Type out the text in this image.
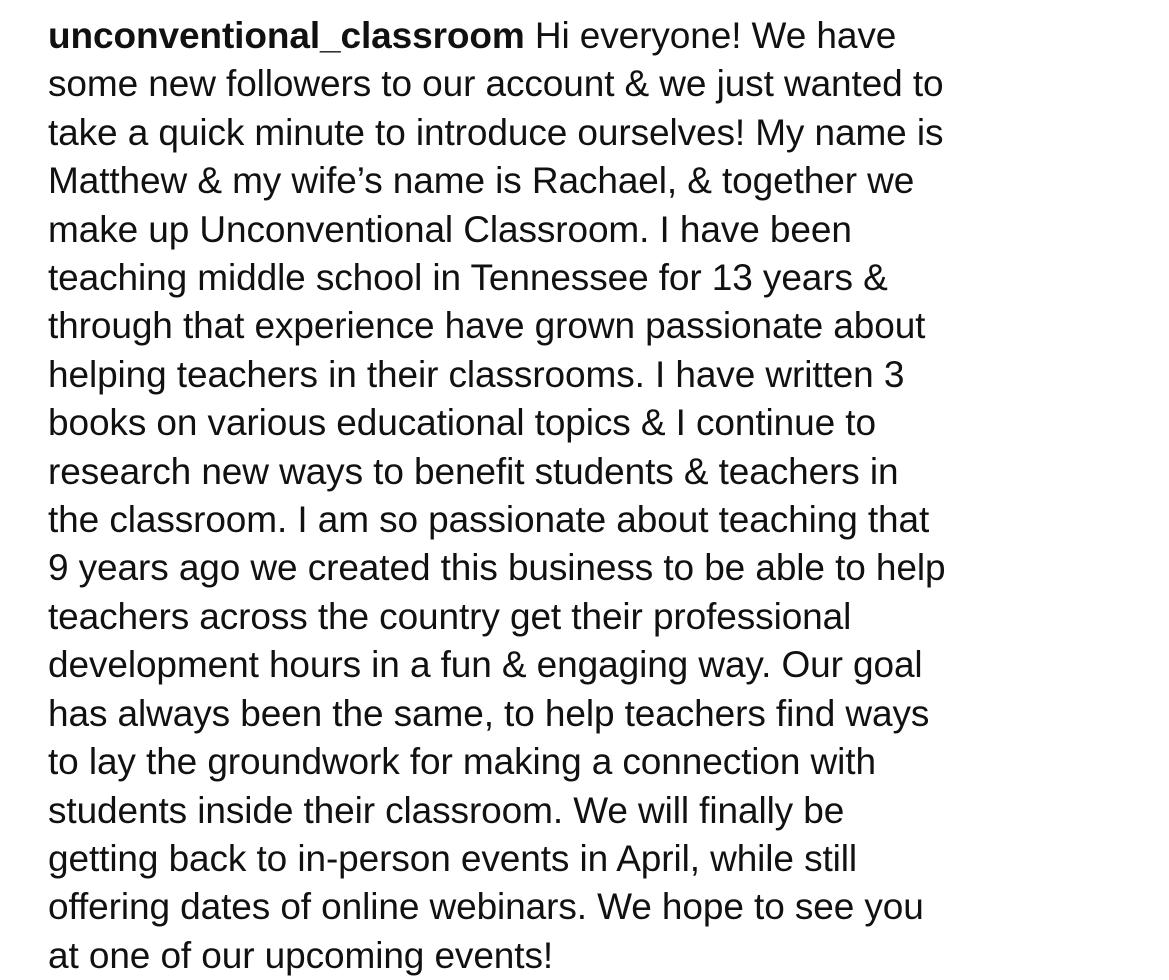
unconventional_classroom Hi everyone! We have
some new followers to our account & we just wanted to
take a quick minute to introduce ourselves! My name is
Matthew & my wife’s name is Rachael, & together we
make up Unconventional Classroom. I have been
teaching middle school in Tennessee for 13 years &
through that experience have grown passionate about
helping teachers in their classrooms. I have written 3
books on various educational topics & I continue to
research new ways to benefit students & teachers in
the classroom. I am so passionate about teaching that
9 years ago we created this business to be able to help
teachers across the country get their professional
development hours in a fun & engaging way. Our goal
has always been the same, to help teachers find ways
to lay the groundwork for making a connection with
students inside their classroom. We will finally be
getting back to in-person events in April, while still
offering dates of online webinars. We hope to see you
at one of our upcoming events!
